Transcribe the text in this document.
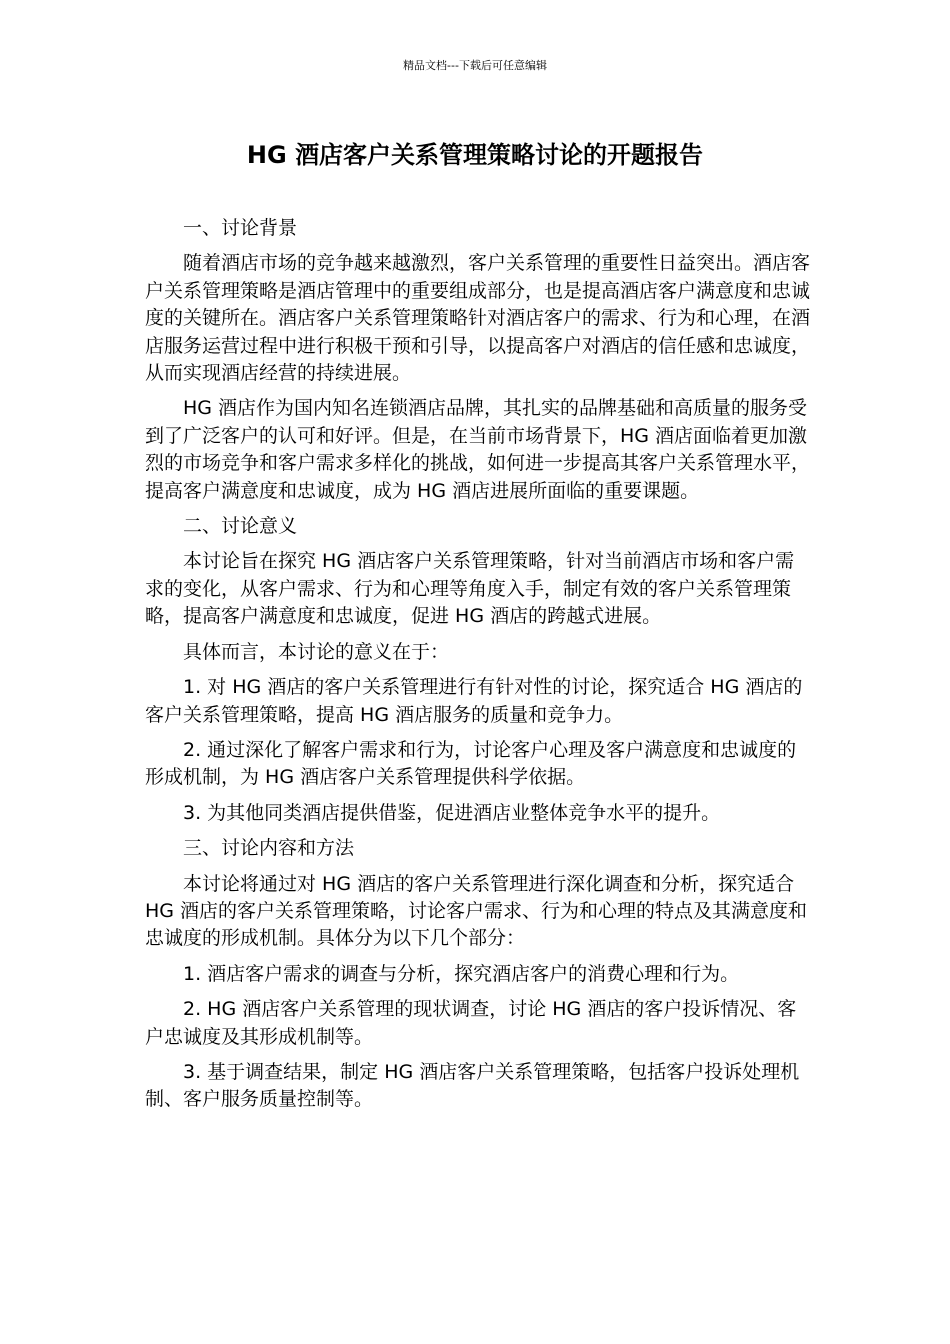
精品文档---下载后可任意编辑
HG 酒店客户关系管理策略讨论的开题报告

一、讨论背景

随着酒店市场的竞争越来越激烈，客户关系管理的重要性日益突出。酒店客户关系管理策略是酒店管理中的重要组成部分，也是提高酒店客户满意度和忠诚度的关键所在。酒店客户关系管理策略针对酒店客户的需求、行为和心理，在酒店服务运营过程中进行积极干预和引导，以提高客户对酒店的信任感和忠诚度，从而实现酒店经营的持续进展。

HG 酒店作为国内知名连锁酒店品牌，其扎实的品牌基础和高质量的服务受到了广泛客户的认可和好评。但是，在当前市场背景下，HG 酒店面临着更加激烈的市场竞争和客户需求多样化的挑战，如何进一步提高其客户关系管理水平，提高客户满意度和忠诚度，成为 HG 酒店进展所面临的重要课题。

二、讨论意义

本讨论旨在探究 HG 酒店客户关系管理策略，针对当前酒店市场和客户需求的变化，从客户需求、行为和心理等角度入手，制定有效的客户关系管理策略，提高客户满意度和忠诚度，促进 HG 酒店的跨越式进展。

具体而言，本讨论的意义在于：

1. 对 HG 酒店的客户关系管理进行有针对性的讨论，探究适合 HG 酒店的客户关系管理策略，提高 HG 酒店服务的质量和竞争力。

2. 通过深化了解客户需求和行为，讨论客户心理及客户满意度和忠诚度的形成机制，为 HG 酒店客户关系管理提供科学依据。

3. 为其他同类酒店提供借鉴，促进酒店业整体竞争水平的提升。

三、讨论内容和方法

本讨论将通过对 HG 酒店的客户关系管理进行深化调查和分析，探究适合 HG 酒店的客户关系管理策略，讨论客户需求、行为和心理的特点及其满意度和忠诚度的形成机制。具体分为以下几个部分：

1. 酒店客户需求的调查与分析，探究酒店客户的消费心理和行为。

2. HG 酒店客户关系管理的现状调查，讨论 HG 酒店的客户投诉情况、客户忠诚度及其形成机制等。

3. 基于调查结果，制定 HG 酒店客户关系管理策略，包括客户投诉处理机制、客户服务质量控制等。
